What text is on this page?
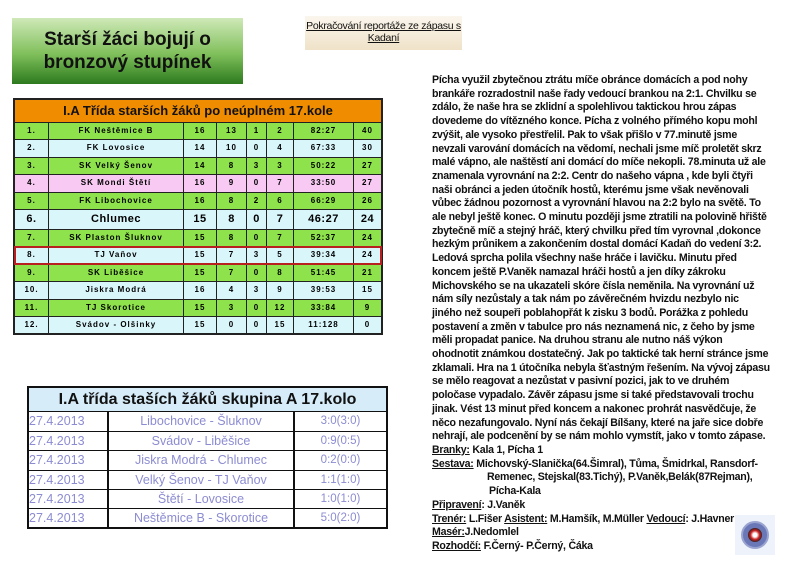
Starší žáci bojují o bronzový stupínek
Pokračování reportáže ze zápasu s Kadaní
I.A Třída starších žáků po neúplném 17.kole
1.	FK Neštěmice B	16	13	1	2	82:27	40
2.	FK Lovosice	14	10	0	4	67:33	30
3.	SK Velký Šenov	14	8	3	3	50:22	27
4.	SK Mondi Štětí	16	9	0	7	33:50	27
5.	FK Libochovice	16	8	2	6	66:29	26
6.	Chlumec	15	8	0	7	46:27	24
7.	SK Plaston Šluknov	15	8	0	7	52:37	24
8.	TJ Vaňov	15	7	3	5	39:34	24
9.	SK Liběšice	15	7	0	8	51:45	21
10.	Jiskra Modrá	16	4	3	9	39:53	15
11.	TJ Skorotice	15	3	0	12	33:84	9
12.	Svádov - Olšinky	15	0	0	15	11:128	0
I.A třída staších žáků skupina A 17.kolo
27.4.2013	Libochovice - Šluknov	3:0(3:0)
27.4.2013	Svádov - Liběšice	0:9(0:5)
27.4.2013	Jiskra Modrá - Chlumec	0:2(0:0)
27.4.2013	Velký Šenov - TJ Vaňov	1:1(1:0)
27.4.2013	Štětí - Lovosice	1:0(1:0)
27.4.2013	Neštěmice B - Skorotice	5:0(2:0)
Pícha využil zbytečnou ztrátu míče obránce domácích a pod nohy
brankáře rozradostnil naše řady vedoucí brankou na 2:1. Chvilku se
zdálo, že naše hra se zklidní a spolehlivou taktickou hrou zápas
dovedeme do vítězného konce. Pícha z volného přímého kopu mohl
zvýšit, ale vysoko přestřelil. Pak to však přišlo v 77.minutě jsme
nevzali varování domácích na vědomí, nechali jsme míč proletět skrz
malé vápno, ale naštěstí ani domácí do míče nekopli. 78.minuta už ale
znamenala vyrovnání na 2:2. Centr do našeho vápna , kde byli čtyři
naši obránci a jeden útočník hostů, kterému jsme však nevěnovali
vůbec žádnou pozornost a vyrovnání hlavou na 2:2 bylo na světě. To
ale nebyl ještě konec. O minutu později jsme ztratili na polovině hřiště
zbytečně míč a stejný hráč, který chvilku před tím vyrovnal ,dokonce
hezkým průnikem a zakončením dostal domácí Kadaň do vedení 3:2.
Ledová sprcha polila všechny naše hráče i lavičku. Minutu před
koncem ještě P.Vaněk namazal hráči hostů a jen díky zákroku
Michovského se na ukazateli skóre čísla neměnila. Na vyrovnání už
nám síly nezůstaly a tak nám po závěrečném hvizdu nezbylo nic
jiného než soupeři poblahopřát k zisku 3 bodů. Porážka z pohledu
postavení a změn v tabulce pro nás neznamená nic, z čeho by jsme
měli propadat panice. Na druhou stranu ale nutno náš výkon
ohodnotit známkou dostatečný. Jak po taktické tak herní stránce jsme
zklamali. Hra na 1 útočníka nebyla šťastným řešením. Na vývoj zápasu
se mělo reagovat a nezůstat v pasivní pozici, jak to ve druhém
poločase vypadalo. Závěr zápasu jsme si také představovali trochu
jinak. Vést 13 minut před koncem a nakonec prohrát nasvědčuje, že
něco nezafungovalo. Nyní nás čekají Bílšany, které na jaře sice dobře
nehrají, ale podcenění by se nám mohlo vymstít, jako v tomto zápase.
Branky: Kala 1, Pícha 1
Sestava: Michovský-Slanička(64.Šimral), Tůma, Šmidrkal, Ransdorf-
Remenec, Stejskal(83.Tichý), P.Vaněk,Belák(87Rejman),
Pícha-Kala
Připravení: J.Vaněk
Trenér: L.Fišer Asistent: M.Hamšík, M.Müller Vedoucí: J.Havner
Masér:J.Nedomlel
Rozhodčí: F.Černý- P.Černý, Čáka
